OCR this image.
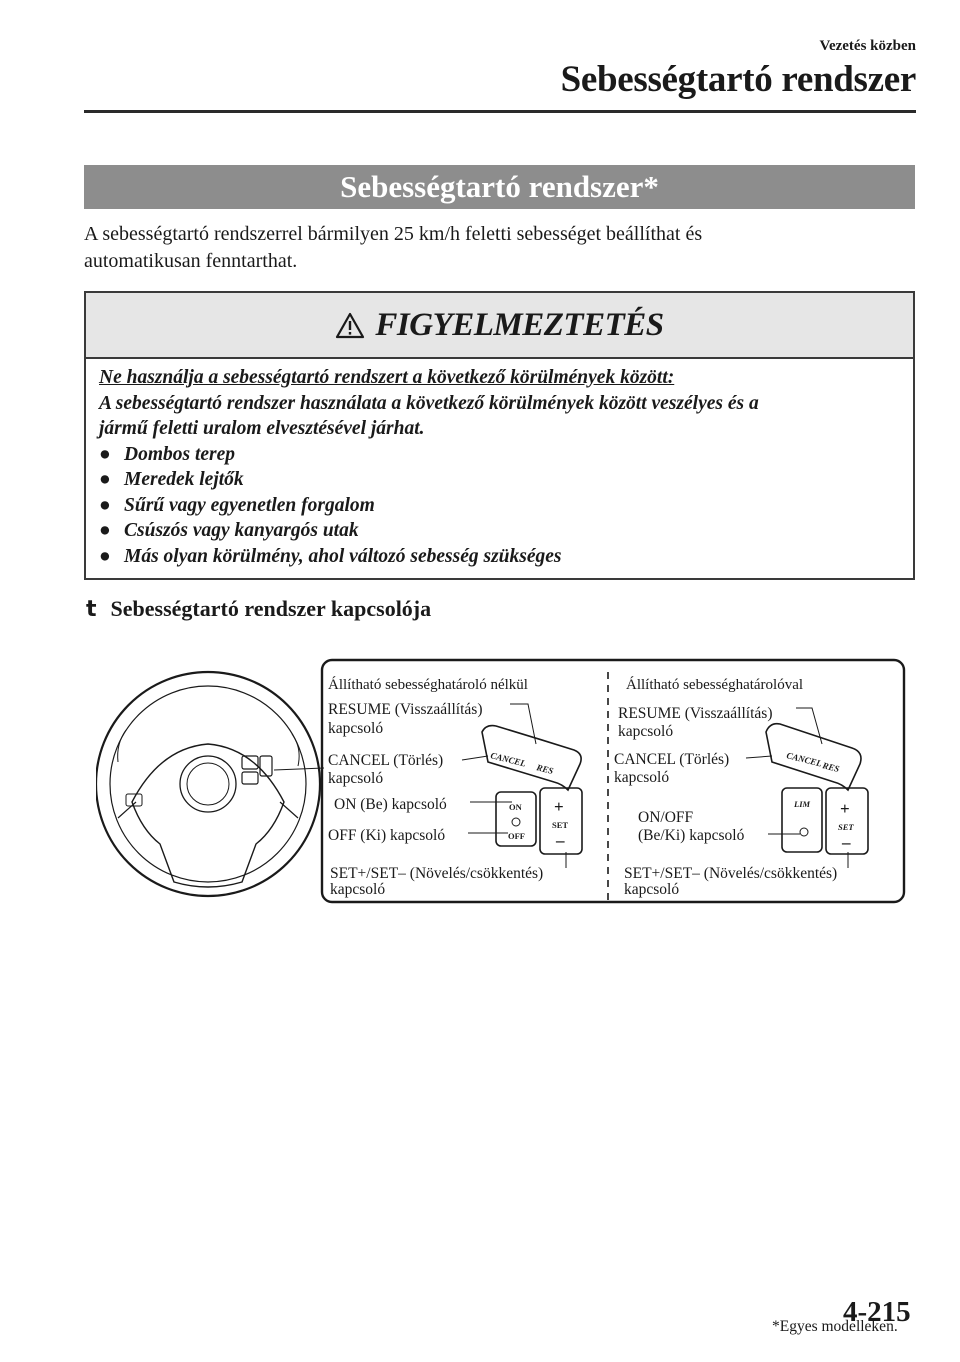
Vezetés közben
Sebességtartó rendszer
Sebességtartó rendszer*
A sebességtartó rendszerrel bármilyen 25 km/h feletti sebességet beállíthat és
automatikusan fenntarthat.
FIGYELMEZTETÉS
Ne használja a sebességtartó rendszert a következő körülmények között:
A sebességtartó rendszer használata a következő körülmények között veszélyes és a
jármű feletti uralom elvesztésével járhat.
● Dombos terep
● Meredek lejtők
● Sűrű vagy egyenetlen forgalom
● Csúszós vagy kanyargós utak
● Más olyan körülmény, ahol változó sebesség szükséges
t Sebességtartó rendszer kapcsolója
Állítható sebességhatároló nélkül
RESUME (Visszaállítás)
kapcsoló
CANCEL (Törlés)
kapcsoló
ON (Be) kapcsoló
OFF (Ki) kapcsoló
SET+/SET– (Növelés/csökkentés)
kapcsoló
CANCEL
RES
ON
OFF
+
SET
–
Állítható sebességhatárolóval
RESUME (Visszaállítás)
kapcsoló
CANCEL (Törlés)
kapcsoló
ON/OFF
(Be/Ki) kapcsoló
SET+/SET– (Növelés/csökkentés)
kapcsoló
CANCEL
RES
LIM +
SET
–
*Egyes modelleken.
4-215
